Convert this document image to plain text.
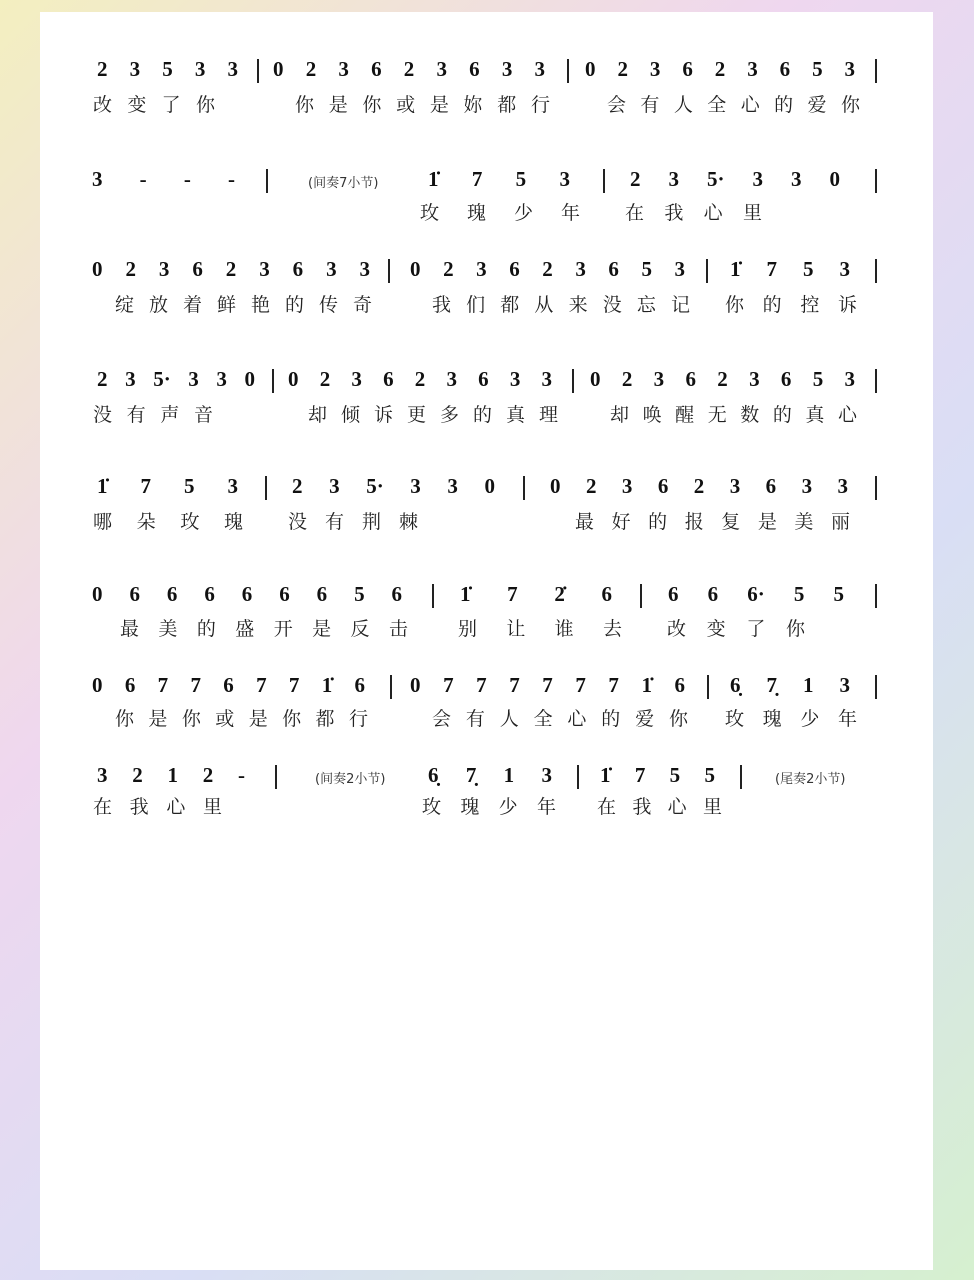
2 3 5 3 3 0 2 3 6 2 3 6 3 3 0 2 3 6 2 3 6 5 3
改变了你	你是你或是妳都行	会有人全心的爱你
3 - - -	(间奏7小节) 1̇ 7 5 3	2 3 5· 3 3 0
玫瑰少年 在我心里
0 2 3 6 2 3 6 3 3 0 2 3 6 2 3 6 5 3 1̇ 7 5 3
绽放着鲜艳的传奇	我们都从来没忘记 你的控诉
2 3 5· 3 3 0 0 2 3 6 2 3 6 3 3 0 2 3 6 2 3 6 5 3
没有声音	却倾诉更多的真理	却唤醒无数的真心
1̇ 7 5 3	2 3 5· 3 3 0	0 2 3 6 2 3 6 3 3
哪朵玫瑰 没有荆棘	最好的报复是美丽
0 6 6 6 6 6 6 5 6	1̇ 7 2̇ 6	6 6 6· 5 5
最美的盛开是反击	别让谁去 改变了你
0 6 7 7 6 7 7 1̇ 6 0 7 7 7 7 7 7 1̇ 6 6̣ 7̣ 1 3
你是你或是你都行	会有人全心的爱你 玫瑰少年
3 2 1 2 -	(间奏2小节) 6̣ 7̣ 1 3 1̇ 7 5 5	(尾奏2小节)
在我心里	玫瑰少年 在我心里
